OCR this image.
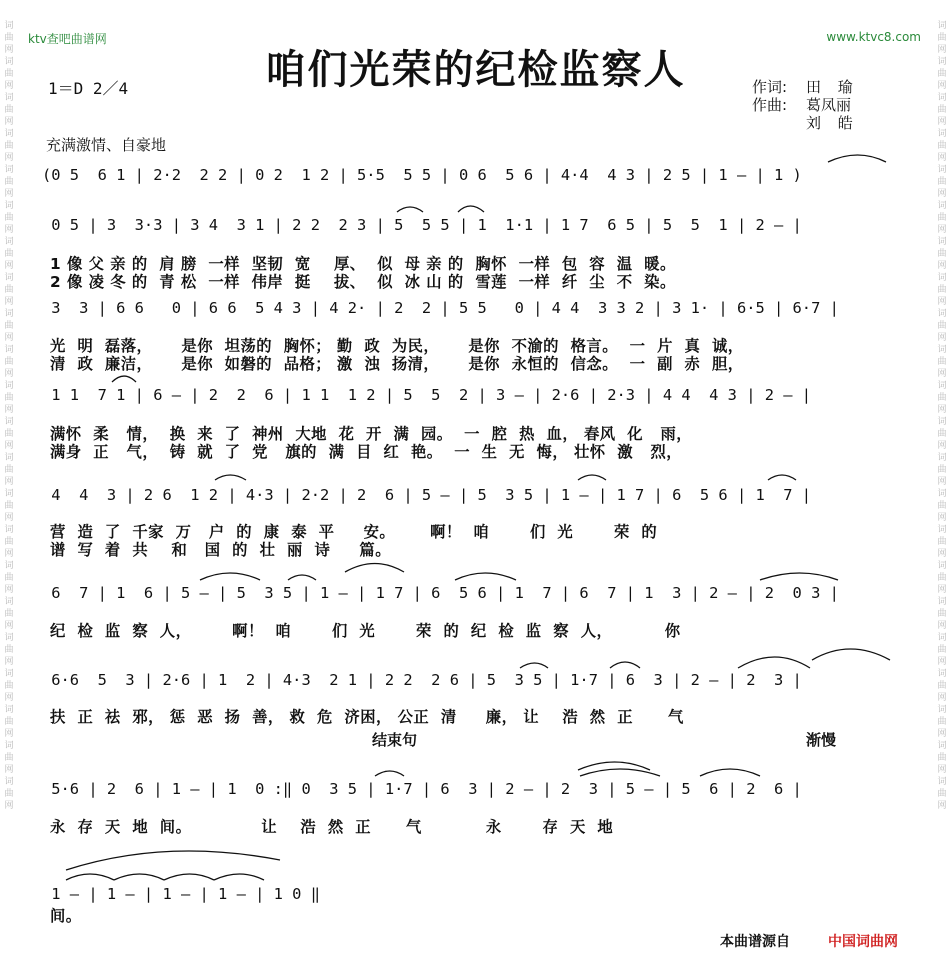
词曲网词曲网词曲网词曲网词曲网词曲网词曲网词曲网词曲网词曲网词曲网词曲网词曲网词曲网词曲网词曲网词曲网词曲网词曲网词曲网词曲网词曲网
词曲网词曲网词曲网词曲网词曲网词曲网词曲网词曲网词曲网词曲网词曲网词曲网词曲网词曲网词曲网词曲网词曲网词曲网词曲网词曲网词曲网词曲网
ktv查吧曲谱网	www.ktvc8.com
咱们光荣的纪检监察人
1＝D 2／4	作词:	田 瑜
作曲:	葛凤丽
刘 皓
充满激情、自豪地
(0 5  6 1 | 2·2  2 2 | 0 2  1 2 | 5·5  5 5 | 0 6  5 6 | 4·4  4 3 | 2 5 | 1 — | 1 )
0 5 | 3  3·3 | 3 4  3 1 | 2 2  2 3 | 5  5 5 | 1  1·1 | 1 7  6 5 | 5  5  1 | 2 — |
1 像 父 亲 的  肩 膀  一样  坚韧  宽    厚、  似  母 亲 的  胸怀  一样  包  容  温  暖。
2 像 凌 冬 的  青 松  一样  伟岸  挺    拔、  似  冰 山 的  雪莲  一样  纤  尘  不  染。
3  3 | 6 6   0 | 6 6  5 4 3 | 4 2· | 2  2 | 5 5   0 | 4 4  3 3 2 | 3 1· | 6·5 | 6·7 |
光  明  磊落，     是你  坦荡的  胸怀； 勤  政  为民，     是你  不渝的  格言。  一  片  真  诚，
清  政  廉洁，     是你  如磐的  品格； 激  浊  扬清，     是你  永恒的  信念。  一  副  赤  胆，
1 1  7 1 | 6 — | 2  2  6 | 1 1  1 2 | 5  5  2 | 3 — | 2·6 | 2·3 | 4 4  4 3 | 2 — |
满怀  柔   情，  换  来  了  神州  大地  花  开  满  园。  一  腔  热  血， 春风  化   雨，
满身  正   气，  铸  就  了  党   旗的  满  目  红  艳。  一  生  无  悔， 壮怀  激   烈，
4  4  3 | 2 6  1 2 | 4·3 | 2·2 | 2  6 | 5 — | 5  3 5 | 1 — | 1 7 | 6  5 6 | 1  7 |
营  造  了  千家  万   户  的  康  泰  平     安。      啊！  咱       们  光       荣  的
谱  写  着  共    和   国  的  壮  丽  诗     篇。
6  7 | 1  6 | 5 — | 5  3 5 | 1 — | 1 7 | 6  5 6 | 1  7 | 6  7 | 1  3 | 2 — | 2  0 3 |
纪  检  监  察  人，       啊！  咱       们  光       荣  的  纪  检  监  察  人，         你
6·6  5  3 | 2·6 | 1  2 | 4·3  2 1 | 2 2  2 6 | 5  3 5 | 1·7 | 6  3 | 2 — | 2  3 |
扶  正  祛  邪， 惩  恶  扬  善， 救  危  济困， 公正  清     廉， 让    浩  然  正      气
结束句	渐慢
5·6 | 2  6 | 1 — | 1  0 :‖ 0  3 5 | 1·7 | 6  3 | 2 — | 2  3 | 5 — | 5  6 | 2  6 |
永  存  天  地  间。            让    浩  然  正      气           永       存  天  地
1 — | 1 — | 1 — | 1 — | 1 0 ‖
间。
本曲谱源自	中国词曲网
